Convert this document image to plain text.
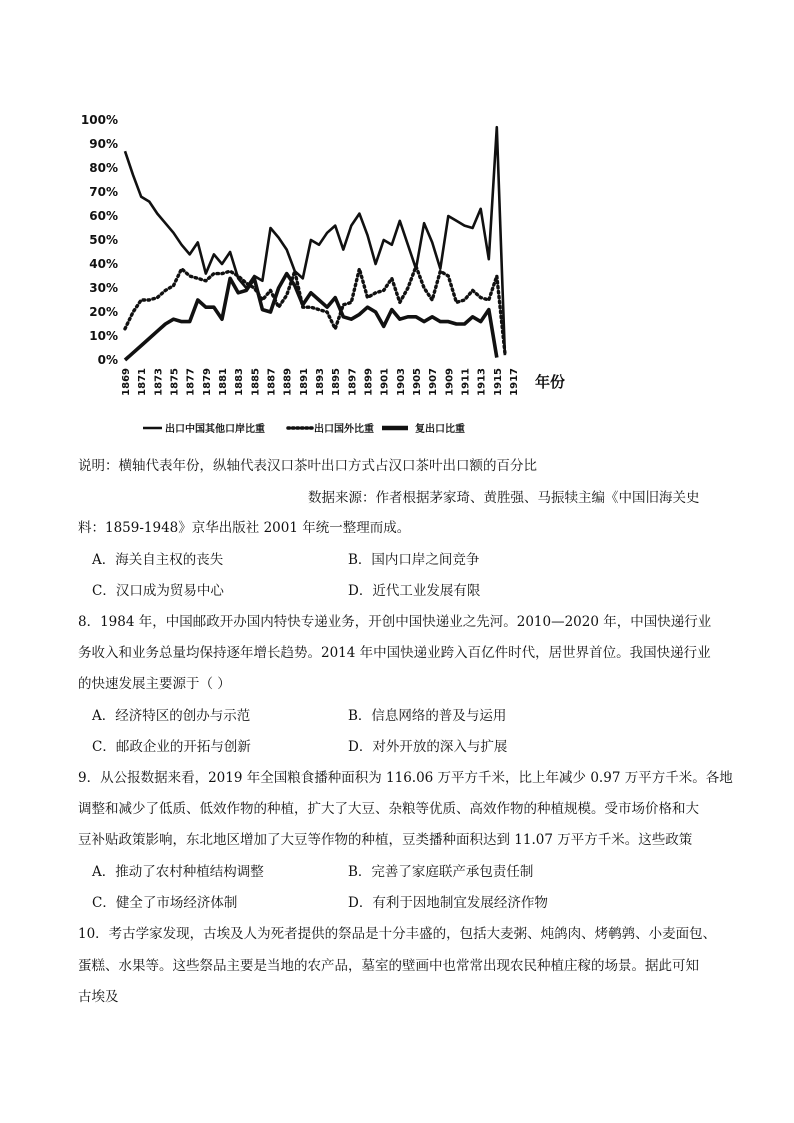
100%
90%
80%
70%
60%
50%
40%
30%
20%
10%
0%
1869 1871 1873 1875 1877 1879 1881 1883 1885 1887 1889 1891 1893 1895 1897 1899 1901 1903 1905 1907 1909 1911 1913 1915 1917 年份
出口中国其他口岸比重	出口国外比重	复出口比重

说明：横轴代表年份，纵轴代表汉口茶叶出口方式占汉口茶叶出口额的百分比

数据来源：作者根据茅家琦、黄胜强、马振犊主编《中国旧海关史

料：1859-1948》京华出版社 2001 年统一整理而成。

A．海关自主权的丧失	B．国内口岸之间竞争
C．汉口成为贸易中心	D．近代工业发展有限

8．1984 年，中国邮政开办国内特快专递业务，开创中国快递业之先河。2010—2020 年，中国快递行业

务收入和业务总量均保持逐年增长趋势。2014 年中国快递业跨入百亿件时代，居世界首位。我国快递行业

的快速发展主要源于（ ）

A．经济特区的创办与示范	B．信息网络的普及与运用
C．邮政企业的开拓与创新	D．对外开放的深入与扩展

9．从公报数据来看，2019 年全国粮食播种面积为 116.06 万平方千米，比上年减少 0.97 万平方千米。各地

调整和减少了低质、低效作物的种植，扩大了大豆、杂粮等优质、高效作物的种植规模。受市场价格和大

豆补贴政策影响，东北地区增加了大豆等作物的种植，豆类播种面积达到 11.07 万平方千米。这些政策

A．推动了农村种植结构调整	B．完善了家庭联产承包责任制
C．健全了市场经济体制	D．有利于因地制宜发展经济作物

10．考古学家发现，古埃及人为死者提供的祭品是十分丰盛的，包括大麦粥、炖鸽肉、烤鹌鹑、小麦面包、

蛋糕、水果等。这些祭品主要是当地的农产品，墓室的壁画中也常常出现农民种植庄稼的场景。据此可知

古埃及
